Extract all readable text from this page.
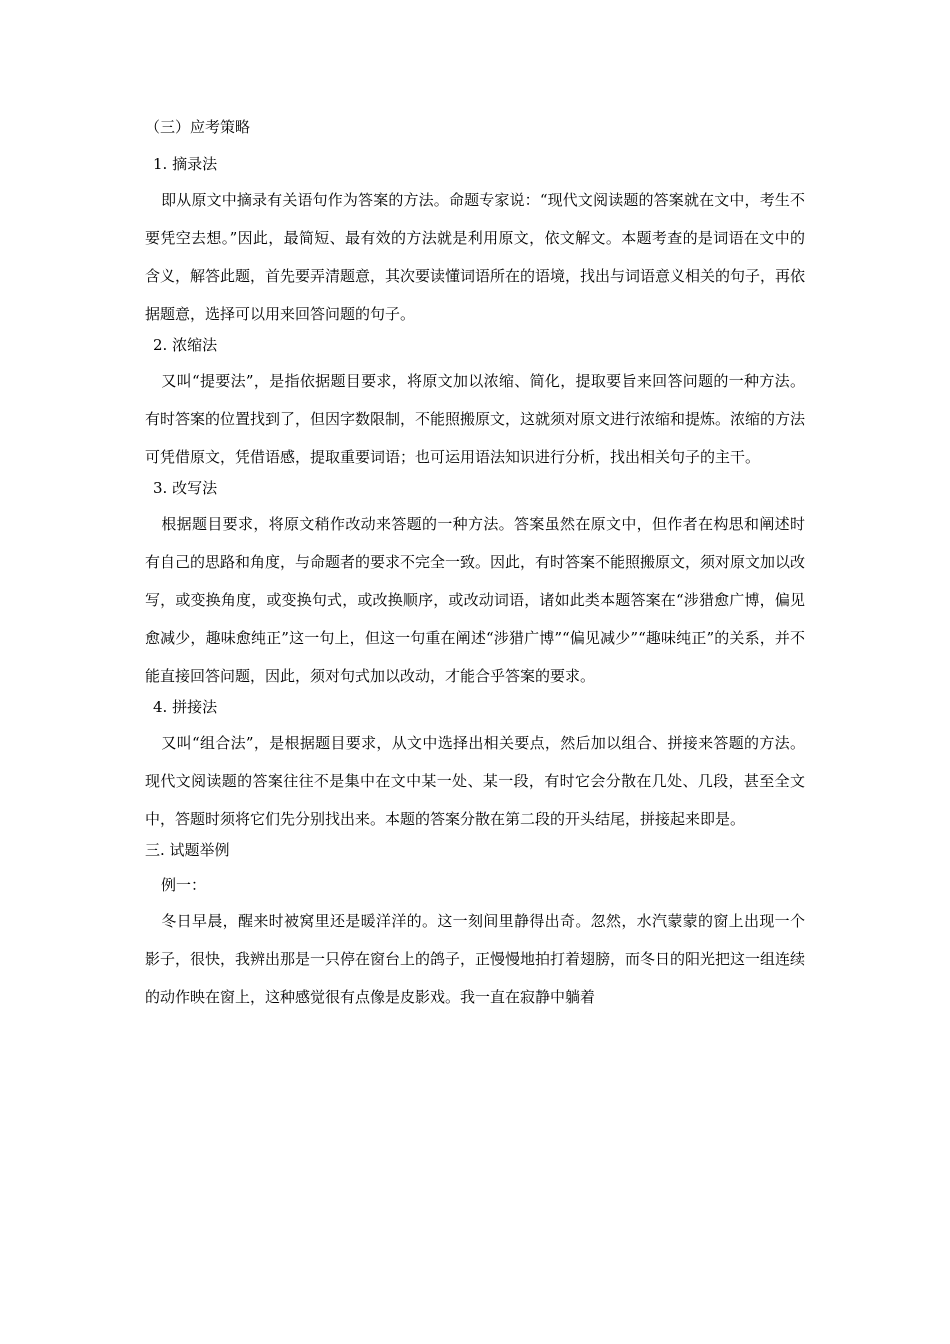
（三）应考策略
1. 摘录法

即从原文中摘录有关语句作为答案的方法。命题专家说：“现代文阅读题的答案就在文中，考生不要凭空去想。”因此，最简短、最有效的方法就是利用原文，依文解文。本题考查的是词语在文中的含义，解答此题，首先要弄清题意，其次要读懂词语所在的语境，找出与词语意义相关的句子，再依据题意，选择可以用来回答问题的句子。

2. 浓缩法

又叫“提要法”，是指依据题目要求，将原文加以浓缩、简化，提取要旨来回答问题的一种方法。有时答案的位置找到了，但因字数限制，不能照搬原文，这就须对原文进行浓缩和提炼。浓缩的方法可凭借原文，凭借语感，提取重要词语；也可运用语法知识进行分析，找出相关句子的主干。

3. 改写法

根据题目要求，将原文稍作改动来答题的一种方法。答案虽然在原文中，但作者在构思和阐述时有自己的思路和角度，与命题者的要求不完全一致。因此，有时答案不能照搬原文，须对原文加以改写，或变换角度，或变换句式，或改换顺序，或改动词语，诸如此类本题答案在“涉猎愈广博，偏见愈减少，趣味愈纯正”这一句上，但这一句重在阐述“涉猎广博”“偏见减少”“趣味纯正”的关系，并不能直接回答问题，因此，须对句式加以改动，才能合乎答案的要求。

4. 拼接法

又叫“组合法”，是根据题目要求，从文中选择出相关要点，然后加以组合、拼接来答题的方法。现代文阅读题的答案往往不是集中在文中某一处、某一段，有时它会分散在几处、几段，甚至全文中，答题时须将它们先分别找出来。本题的答案分散在第二段的开头结尾，拼接起来即是。

三. 试题举例
例一：

冬日早晨，醒来时被窝里还是暖洋洋的。这一刻间里静得出奇。忽然，水汽蒙蒙的窗上出现一个影子，很快，我辨出那是一只停在窗台上的鸽子，正慢慢地拍打着翅膀，而冬日的阳光把这一组连续的动作映在窗上，这种感觉很有点像是皮影戏。我一直在寂静中躺着
